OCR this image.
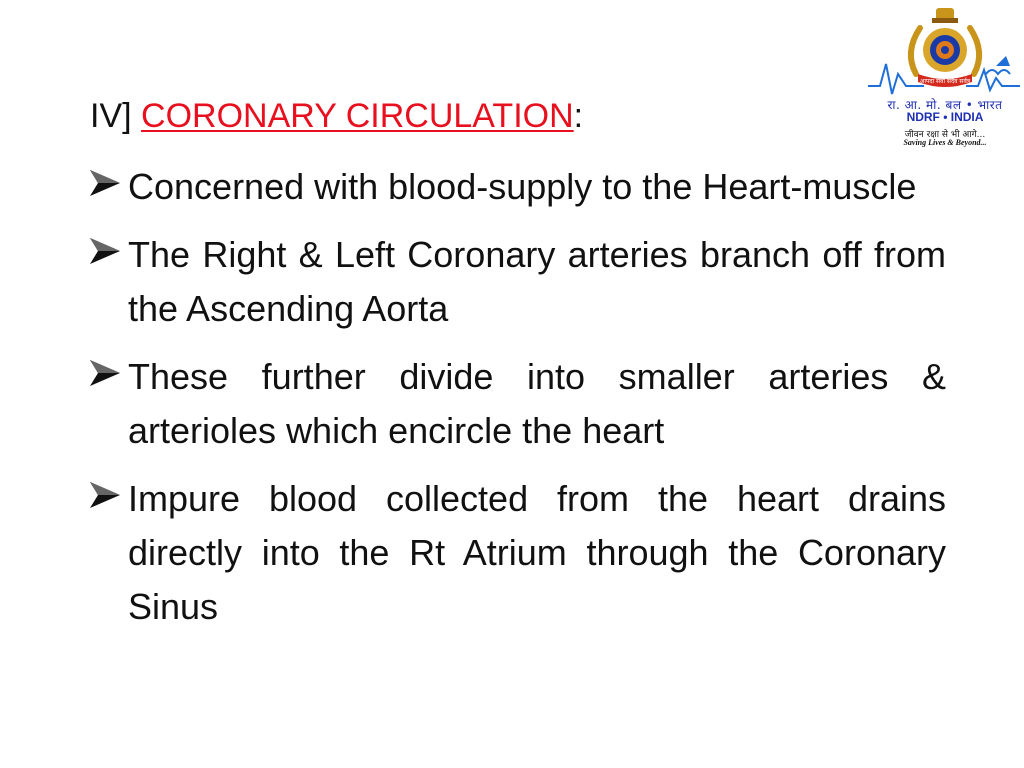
आपदा सेवा सदैव सर्वत्र
रा. आ. मो. बल • भारत
NDRF • INDIA
जीवन रक्षा से भी आगे...
Saving Lives & Beyond...
IV] CORONARY CIRCULATION:
Concerned with blood-supply to the Heart-muscle
The Right & Left Coronary arteries branch off from the Ascending Aorta
These further divide into smaller arteries & arterioles which encircle the heart
Impure blood collected from the heart drains directly into the Rt Atrium through the Coronary Sinus
